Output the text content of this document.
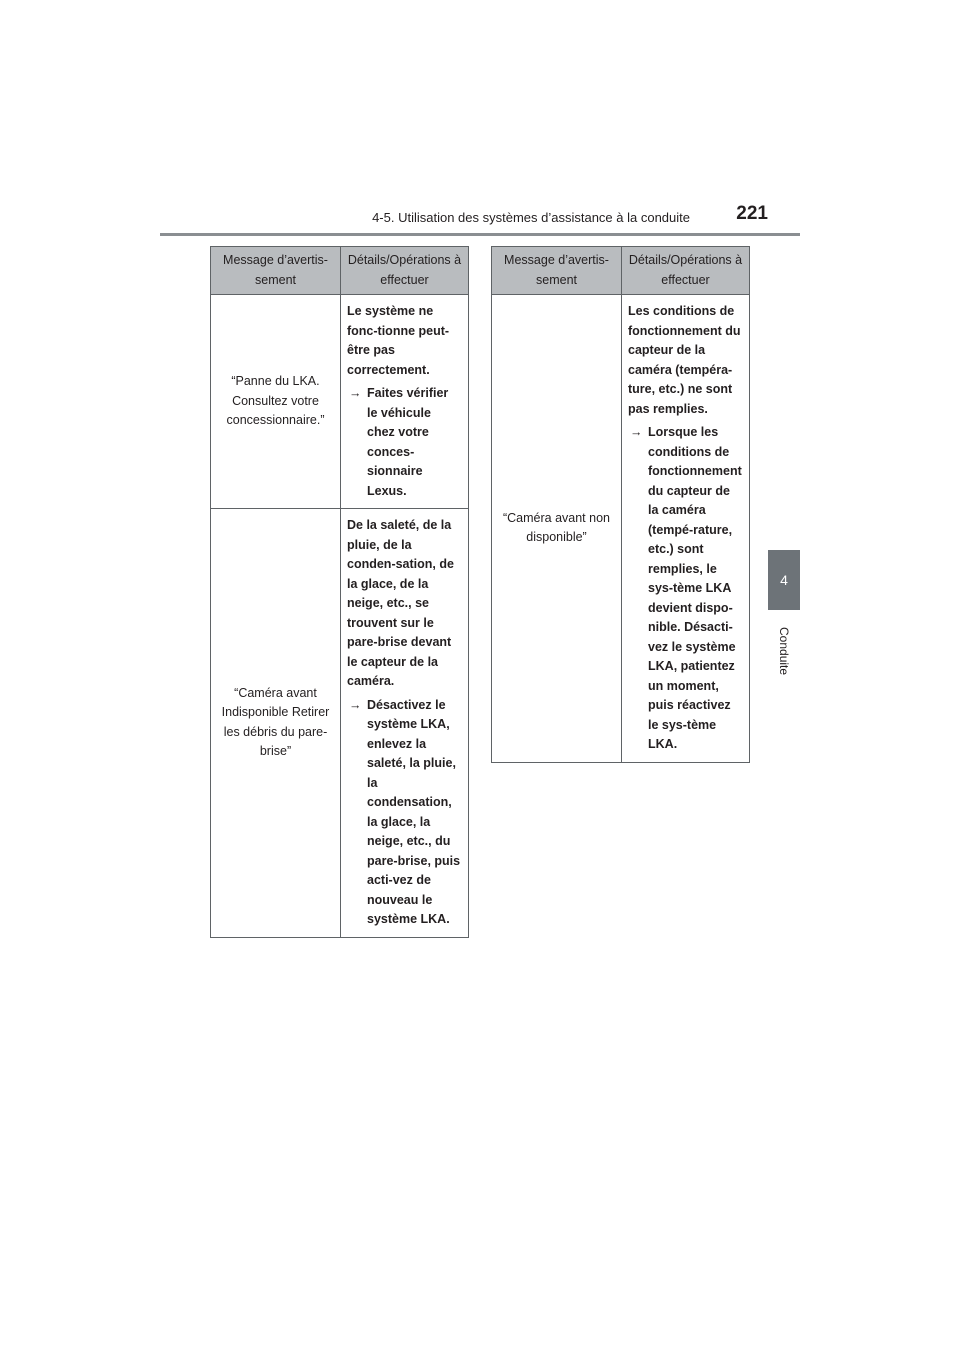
4-5. Utilisation des systèmes d’assistance à la conduite	221
4
Conduite
Message d’avertis-sement	Détails/Opérations à effectuer
“Panne du LKA. Consultez votre concessionnaire.”	Le système ne fonc-tionne peut-être pas correctement.
→ Faites vérifier le véhicule chez votre conces-sionnaire Lexus.

“Caméra avant Indisponible Retirer les débris du pare-brise”	De la saleté, de la pluie, de la conden-sation, de la glace, de la neige, etc., se trouvent sur le pare-brise devant le capteur de la caméra.
→ Désactivez le système LKA, enlevez la saleté, la pluie, la condensation, la glace, la neige, etc., du pare-brise, puis acti-vez de nouveau le système LKA.
Message d’avertis-sement	Détails/Opérations à effectuer
“Caméra avant non disponible”	Les conditions de fonctionnement du capteur de la caméra (tempéra-ture, etc.) ne sont pas remplies.
→ Lorsque les conditions de fonctionnement du capteur de la caméra (tempé-rature, etc.) sont remplies, le sys-tème LKA devient dispo-nible. Désacti-vez le système LKA, patientez un moment, puis réactivez le sys-tème LKA.
